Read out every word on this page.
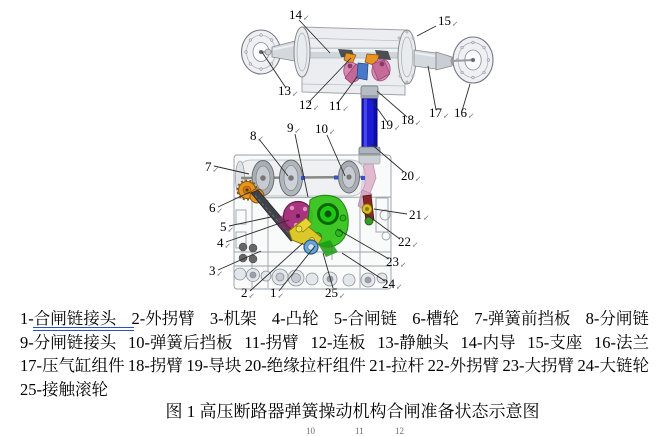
1↙
2↙
3↙
4↙
5↙
6↙
7↙
8↙
9↙ 10↙
11↙
12↙
13↙
14↙	15↙
16↙
17↙
18↙
19↙
20↙
21↙
22↙
23↙
24↙
25↙
1-合闸链接头 2-外拐臂 3-机架 4-凸轮 5-合闸链 6-槽轮 7-弹簧前挡板 8-分闸链
9-分闸链接头 10-弹簧后挡板 11-拐臂 12-连板 13-静触头 14-内导 15-支座 16-法兰
17-压气缸组件 18-拐臂 19-导块 20-绝缘拉杆组件 21-拉杆 22-外拐臂 23-大拐臂 24-大链轮
25-接触滚轮
图 1 高压断路器弹簧操动机构合闸准备状态示意图
10	11	12
